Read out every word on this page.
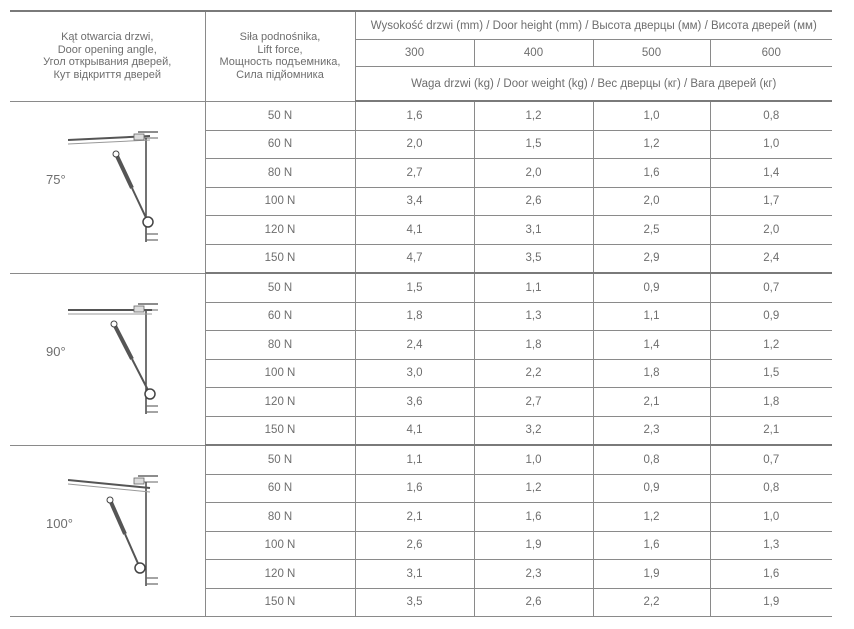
Kąt otwarcia drzwi,
Door opening angle,
Угол открывания дверей,
Кут відкриття дверей	Siła podnośnika,
Lift force,
Мощность подъемника,
Сила підйомника	Wysokość drzwi (mm) / Door height (mm) / Высота дверцы (мм) / Висота дверей (мм)			
		300	400	500	600
		Waga drzwi (kg) / Door weight (kg) / Вес дверцы (кг) / Вага дверей (кг)			

75°	50 N	1,6	1,2	1,0	0,8
	60 N	2,0	1,5	1,2	1,0
	80 N	2,7	2,0	1,6	1,4
	100 N	3,4	2,6	2,0	1,7
	120 N	4,1	3,1	2,5	2,0
	150 N	4,7	3,5	2,9	2,4

90°	50 N	1,5	1,1	0,9	0,7
	60 N	1,8	1,3	1,1	0,9
	80 N	2,4	1,8	1,4	1,2
	100 N	3,0	2,2	1,8	1,5
	120 N	3,6	2,7	2,1	1,8
	150 N	4,1	3,2	2,3	2,1

100°	50 N	1,1	1,0	0,8	0,7
	60 N	1,6	1,2	0,9	0,8
	80 N	2,1	1,6	1,2	1,0
	100 N	2,6	1,9	1,6	1,3
	120 N	3,1	2,3	1,9	1,6
	150 N	3,5	2,6	2,2	1,9
